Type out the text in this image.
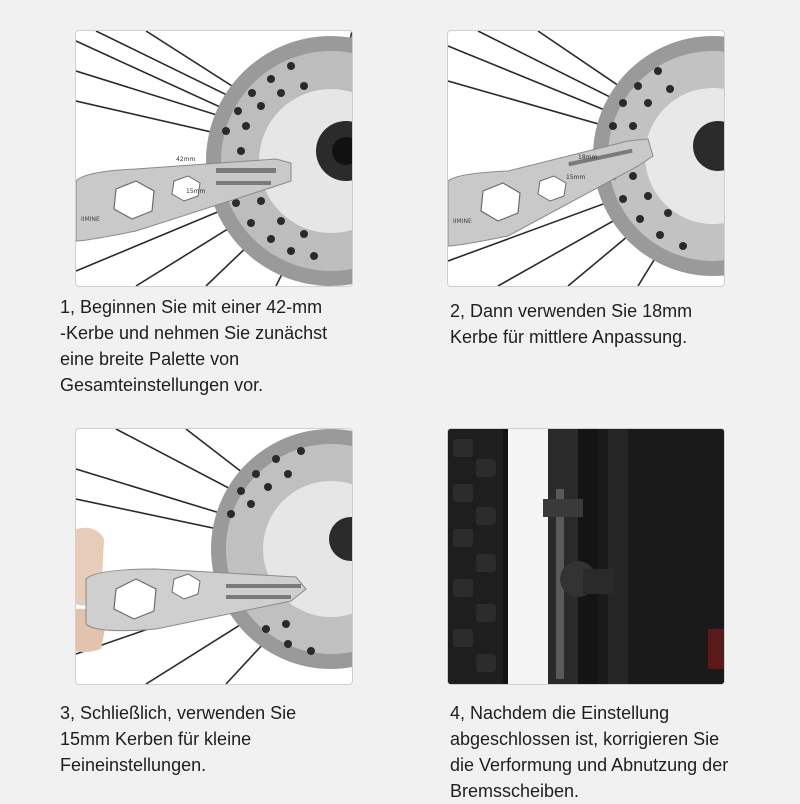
42mm
15mm
IIMINE

1, Beginnen Sie mit einer 42-mm
-Kerbe und nehmen Sie zunächst
eine breite Palette von
Gesamteinstellungen vor.

18mm
15mm
IIMINE

2, Dann verwenden Sie 18mm
Kerbe für mittlere Anpassung.

3, Schließlich, verwenden Sie
15mm Kerben für kleine
Feineinstellungen.

4, Nachdem die Einstellung
abgeschlossen ist, korrigieren Sie
die Verformung und Abnutzung der
Bremsscheiben.
